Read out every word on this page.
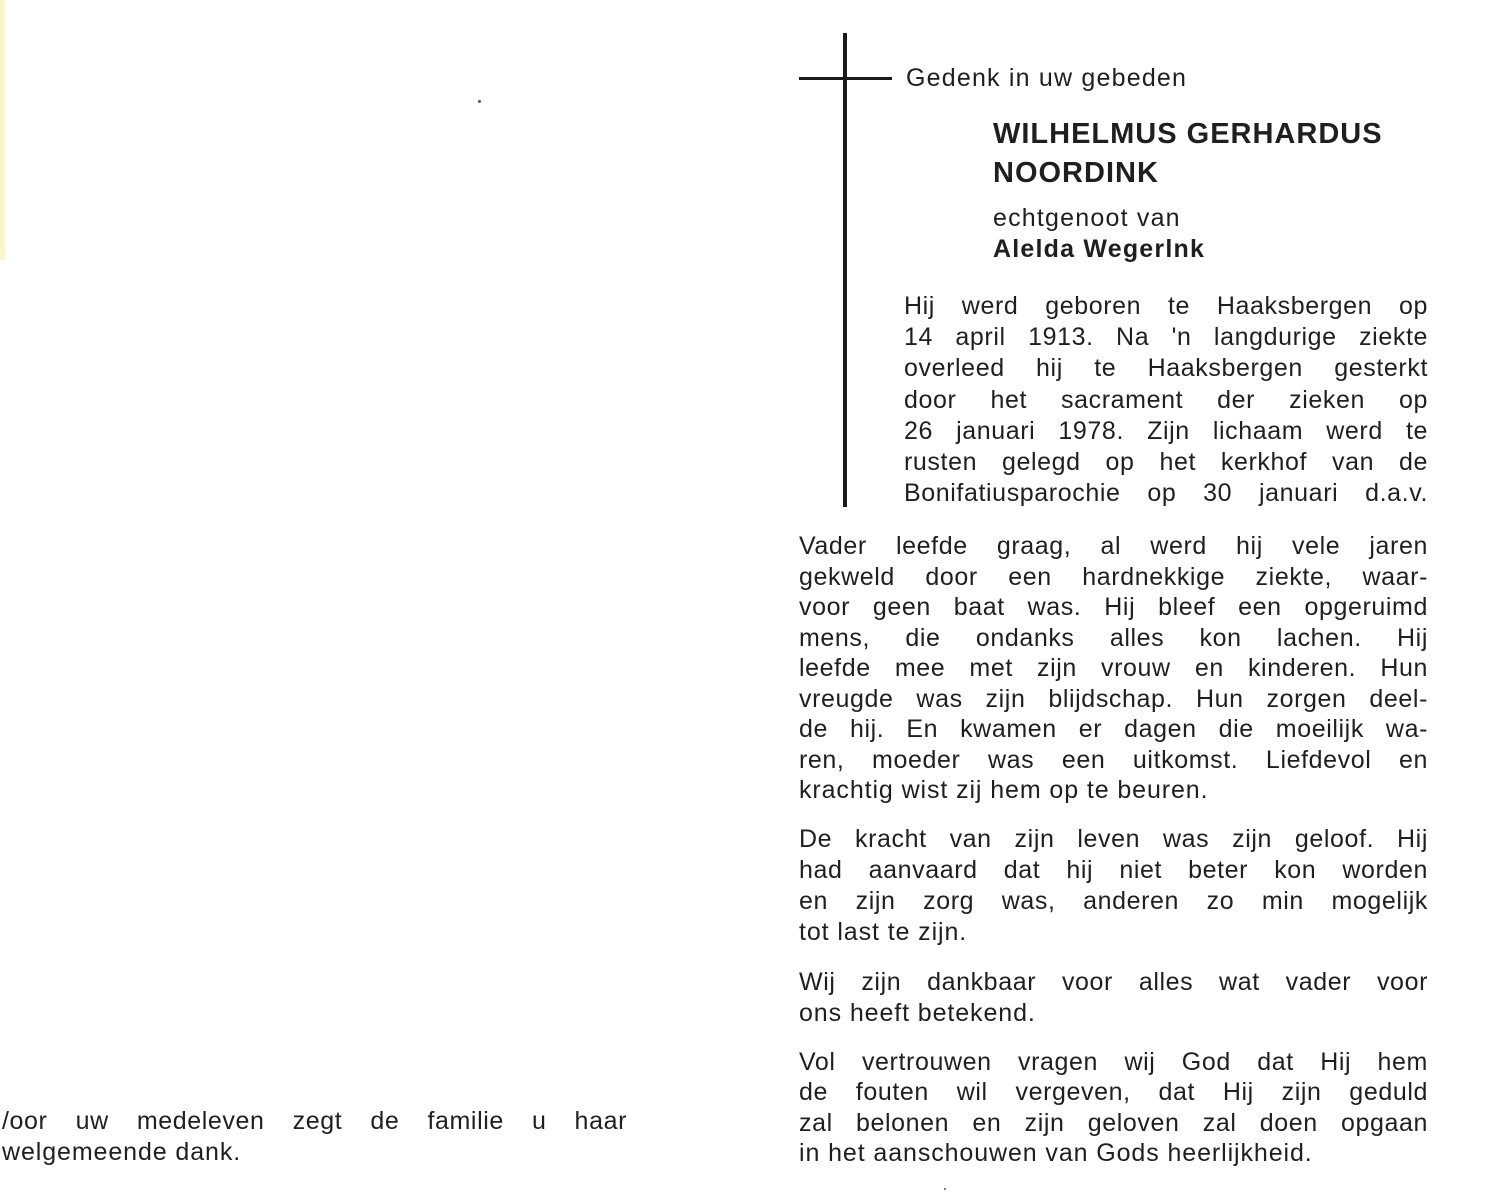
Gedenk in uw gebeden
WILHELMUS GERHARDUS
NOORDINK
echtgenoot van
Alelda Wegerlnk
Hij werd geboren te Haaksbergen op
14 april 1913. Na 'n langdurige ziekte
overleed hij te Haaksbergen gesterkt
door het sacrament der zieken op
26 januari 1978. Zijn lichaam werd te
rusten gelegd op het kerkhof van de
Bonifatiusparochie op 30 januari d.a.v.
Vader leefde graag, al werd hij vele jaren
gekweld door een hardnekkige ziekte, waar-
voor geen baat was. Hij bleef een opgeruimd
mens, die ondanks alles kon lachen. Hij
leefde mee met zijn vrouw en kinderen. Hun
vreugde was zijn blijdschap. Hun zorgen deel-
de hij. En kwamen er dagen die moeilijk wa-
ren, moeder was een uitkomst. Liefdevol en
krachtig wist zij hem op te beuren.
De kracht van zijn leven was zijn geloof. Hij
had aanvaard dat hij niet beter kon worden
en zijn zorg was, anderen zo min mogelijk
tot last te zijn.
Wij zijn dankbaar voor alles wat vader voor
ons heeft betekend.
Vol vertrouwen vragen wij God dat Hij hem
de fouten wil vergeven, dat Hij zijn geduld
zal belonen en zijn geloven zal doen opgaan
in het aanschouwen van Gods heerlijkheid.
/oor uw medeleven zegt de familie u haar
welgemeende dank.
